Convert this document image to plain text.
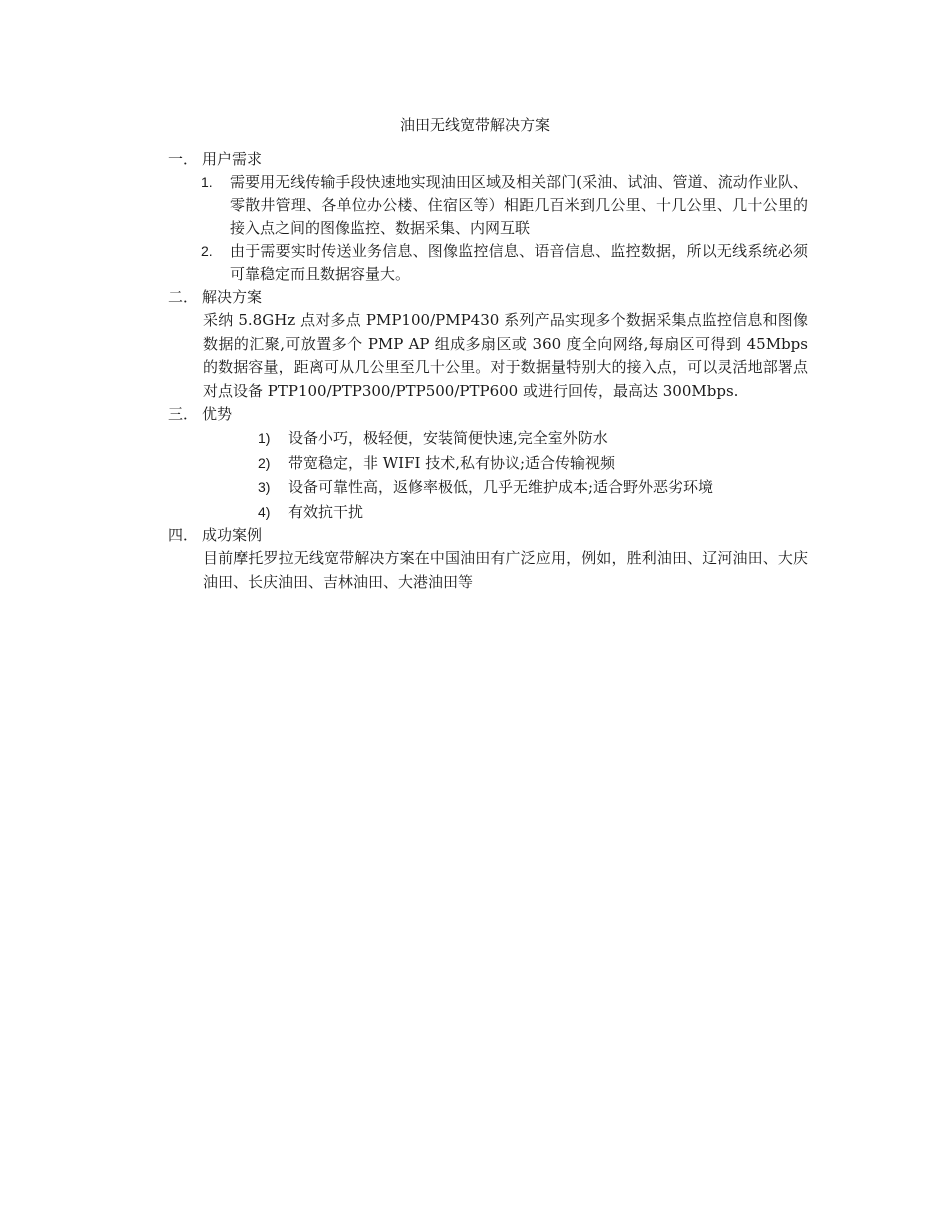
油田无线宽带解决方案
一． 用户需求
1.	需要用无线传输手段快速地实现油田区域及相关部门(采油、试油、管道、流动作业队、零散井管理、各单位办公楼、住宿区等）相距几百米到几公里、十几公里、几十公里的接入点之间的图像监控、数据采集、内网互联
2.	由于需要实时传送业务信息、图像监控信息、语音信息、监控数据，所以无线系统必须可靠稳定而且数据容量大。
二． 解决方案
采纳 5.8GHz 点对多点 PMP100/PMP430 系列产品实现多个数据采集点监控信息和图像数据的汇聚,可放置多个 PMP AP 组成多扇区或 360 度全向网络,每扇区可得到 45Mbps 的数据容量，距离可从几公里至几十公里。对于数据量特别大的接入点，可以灵活地部署点对点设备 PTP100/PTP300/PTP500/PTP600 或进行回传，最高达 300Mbps.
三． 优势
1)	设备小巧，极轻便，安装简便快速,完全室外防水
2)	带宽稳定，非 WIFI 技术,私有协议;适合传输视频
3)	设备可靠性高，返修率极低，几乎无维护成本;适合野外恶劣环境
4)	有效抗干扰
四． 成功案例
目前摩托罗拉无线宽带解决方案在中国油田有广泛应用，例如，胜利油田、辽河油田、大庆油田、长庆油田、吉林油田、大港油田等
